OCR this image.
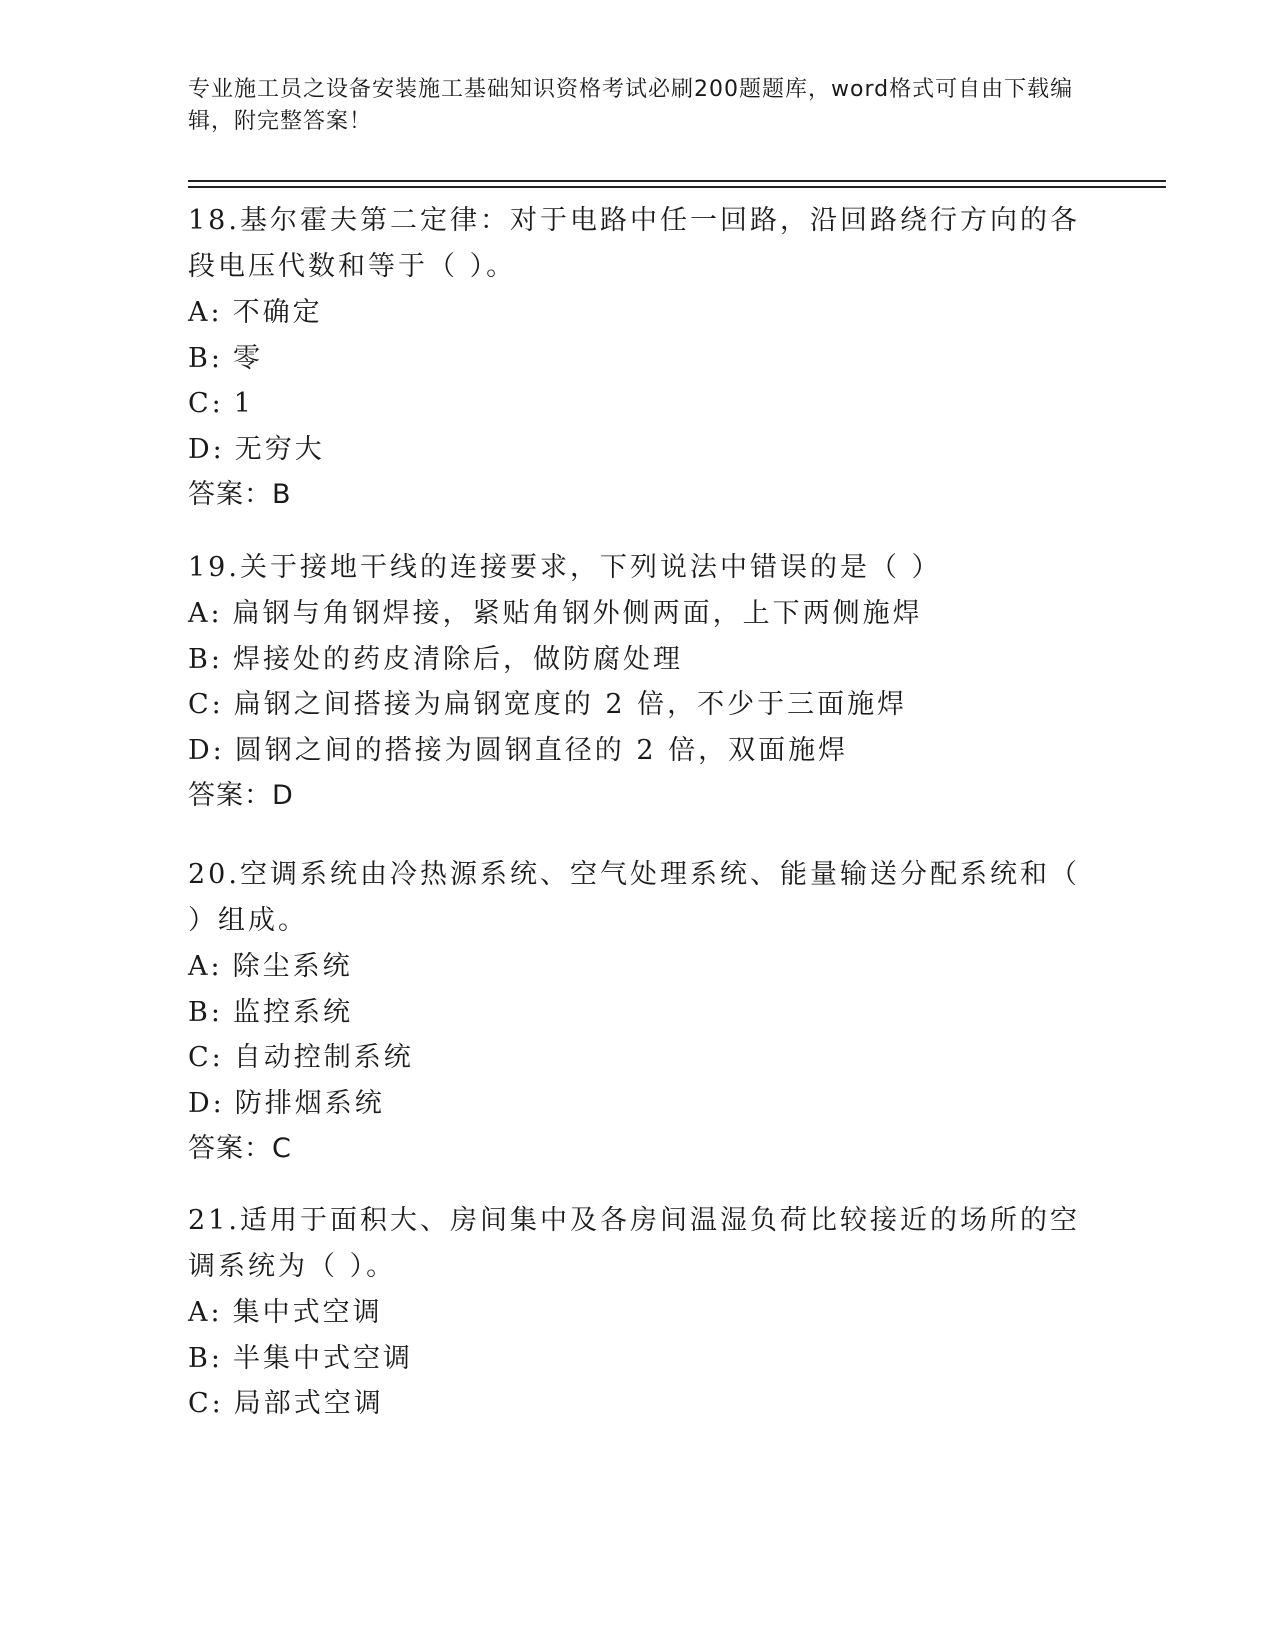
专业施工员之设备安装施工基础知识资格考试必刷200题题库，word格式可自由下载编辑，附完整答案！
18.基尔霍夫第二定律：对于电路中任一回路，沿回路绕行方向的各段电压代数和等于（ ）。
A: 不确定
B: 零
C: 1
D: 无穷大
答案：B
19.关于接地干线的连接要求，下列说法中错误的是（ ）
A: 扁钢与角钢焊接，紧贴角钢外侧两面，上下两侧施焊
B: 焊接处的药皮清除后，做防腐处理
C: 扁钢之间搭接为扁钢宽度的 2 倍，不少于三面施焊
D: 圆钢之间的搭接为圆钢直径的 2 倍，双面施焊
答案：D
20.空调系统由冷热源系统、空气处理系统、能量输送分配系统和（ ）组成。
A: 除尘系统
B: 监控系统
C: 自动控制系统
D: 防排烟系统
答案：C
21.适用于面积大、房间集中及各房间温湿负荷比较接近的场所的空调系统为（ ）。
A: 集中式空调
B: 半集中式空调
C: 局部式空调
